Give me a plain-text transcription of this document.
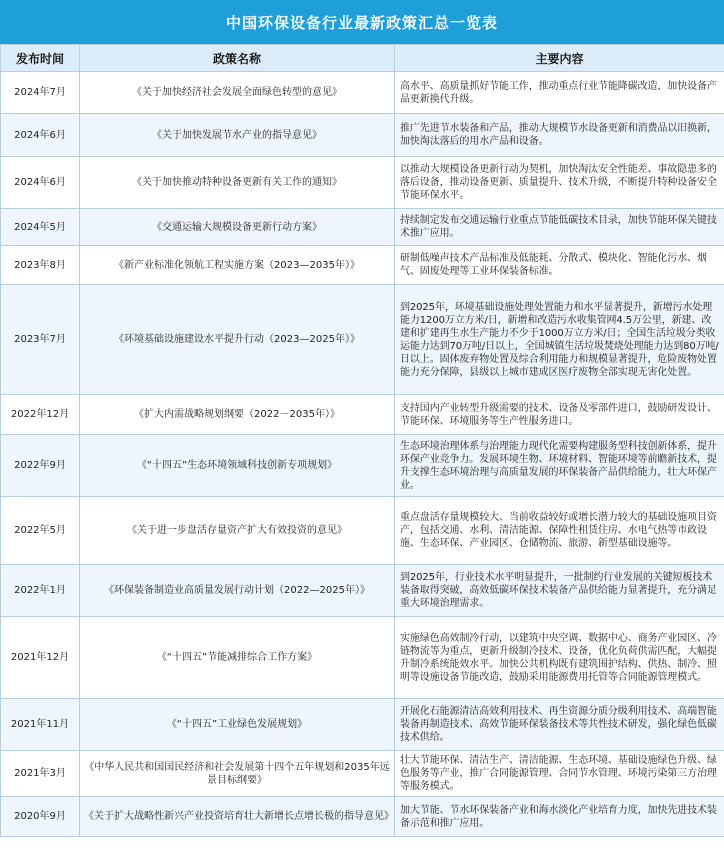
中国环保设备行业最新政策汇总一览表
发布时间	政策名称	主要内容
2024年7月	《关于加快经济社会发展全面绿色转型的意见》	高水平、高质量抓好节能工作，推动重点行业节能降碳改造，加快设备产品更新换代升级。
2024年6月	《关于加快发展节水产业的指导意见》	推广先进节水装备和产品，推动大规模节水设备更新和消费品以旧换新，加快淘汰落后的用水产品和设备。
2024年6月	《关于加快推动特种设备更新有关工作的通知》	以推动大规模设备更新行动为契机，加快淘汰安全性能差、事故隐患多的落后设备，推动设备更新、质量提升、技术升级，不断提升特种设备安全节能环保水平。
2024年5月	《交通运输大规模设备更新行动方案》	持续制定发布交通运输行业重点节能低碳技术目录，加快节能环保关键技术推广应用。
2023年8月	《新产业标准化领航工程实施方案（2023—2035年）》	研制低噪声技术产品标准及低能耗、分散式、模块化、智能化污水、烟气、固废处理等工业环保装备标准。
2023年7月	《环境基础设施建设水平提升行动（2023—2025年）》	到2025年，环境基础设施处理处置能力和水平显著提升，新增污水处理能力1200万立方米/日，新增和改造污水收集管网4.5万公里，新建、改建和扩建再生水生产能力不少于1000万立方米/日；全国生活垃圾分类收运能力达到70万吨/日以上，全国城镇生活垃圾焚烧处理能力达到80万吨/日以上。固体废弃物处置及综合利用能力和规模显著提升，危险废物处置能力充分保障，县级以上城市建成区医疗废物全部实现无害化处置。
2022年12月	《扩大内需战略规划纲要（2022－2035年）》	支持国内产业转型升级需要的技术、设备及零部件进口，鼓励研发设计、节能环保、环境服务等生产性服务进口。
2022年9月	《“十四五”生态环境领域科技创新专项规划》	生态环境治理体系与治理能力现代化需要构建服务型科技创新体系，提升环保产业竞争力。发展环境生物、环境材料、智能环境等前瞻新技术，提升支撑生态环境治理与高质量发展的环保装备产品供给能力，壮大环保产业。
2022年5月	《关于进一步盘活存量资产扩大有效投资的意见》	重点盘活存量规模较大、当前收益较好或增长潜力较大的基础设施项目资产，包括交通、水利、清洁能源、保障性租赁住房、水电气热等市政设施、生态环保、产业园区、仓储物流、旅游、新型基础设施等。
2022年1月	《环保装备制造业高质量发展行动计划（2022—2025年）》	到2025年，行业技术水平明显提升，一批制约行业发展的关键短板技术装备取得突破，高效低碳环保技术装备产品供给能力显著提升，充分满足重大环境治理需求。
2021年12月	《“十四五”节能减排综合工作方案》	实施绿色高效制冷行动，以建筑中央空调、数据中心、商务产业园区、冷链物流等为重点，更新升级制冷技术、设备，优化负荷供需匹配，大幅提升制冷系统能效水平。加快公共机构既有建筑围护结构、供热、制冷、照明等设施设备节能改造，鼓励采用能源费用托管等合同能源管理模式。
2021年11月	《“十四五”工业绿色发展规划》	开展化石能源清洁高效利用技术、再生资源分质分级利用技术、高端智能装备再制造技术、高效节能环保装备技术等共性技术研发，强化绿色低碳技术供给。
2021年3月	《中华人民共和国国民经济和社会发展第十四个五年规划和2035年远景目标纲要》	壮大节能环保、清洁生产、清洁能源、生态环境、基础设施绿色升级、绿色服务等产业，推广合同能源管理、合同节水管理、环境污染第三方治理等服务模式。
2020年9月	《关于扩大战略性新兴产业投资培育壮大新增长点增长极的指导意见》	加大节能、节水环保装备产业和海水淡化产业培育力度，加快先进技术装备示范和推广应用。
